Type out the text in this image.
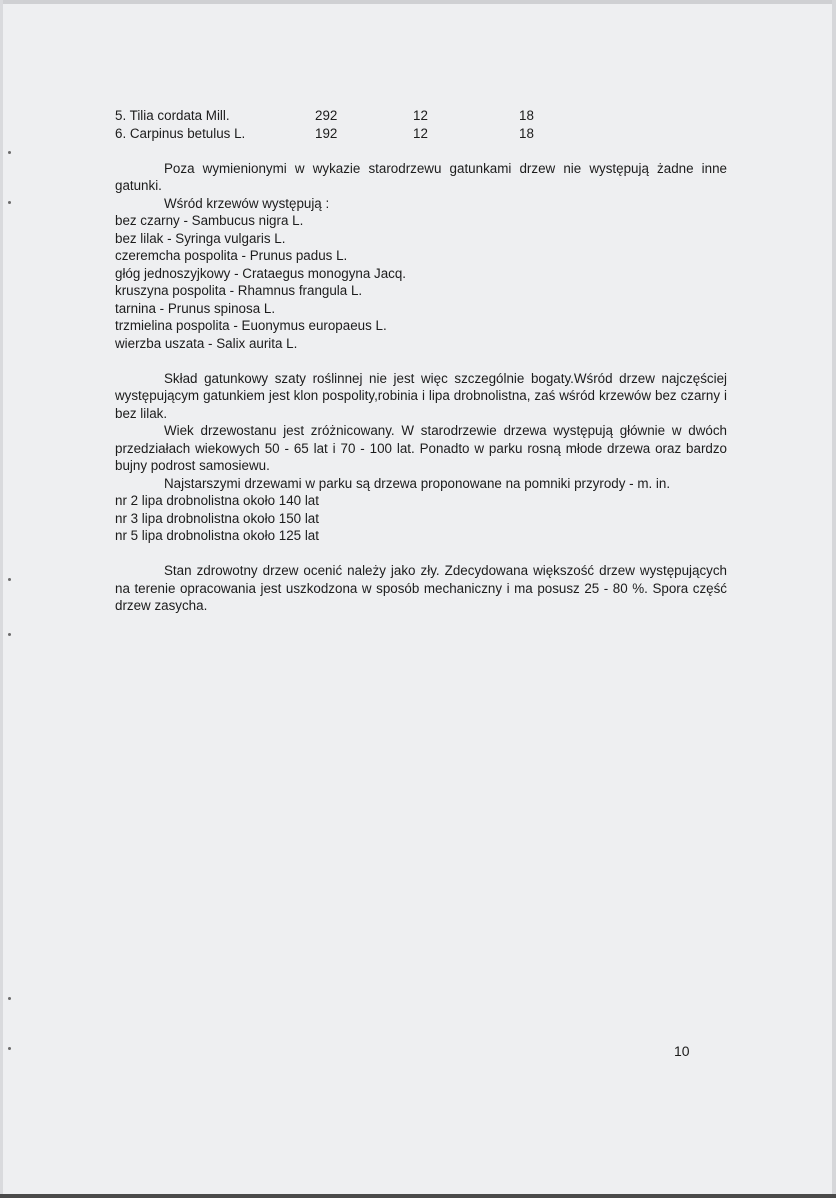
5. Tilia cordata Mill.	292	12	18
6. Carpinus betulus L.	192	12	18

Poza wymienionymi w wykazie starodrzewu gatunkami drzew nie występują żadne inne gatunki.

Wśród krzewów występują :

bez czarny - Sambucus nigra L.

bez lilak - Syringa vulgaris L.

czeremcha pospolita - Prunus padus L.

głóg jednoszyjkowy - Crataegus monogyna Jacq.

kruszyna pospolita - Rhamnus frangula L.

tarnina - Prunus spinosa L.

trzmielina pospolita - Euonymus europaeus L.

wierzba uszata - Salix aurita L.

Skład gatunkowy szaty roślinnej nie jest więc szczególnie bogaty.Wśród drzew najczęściej występującym gatunkiem jest klon pospolity,robinia i lipa drobnolistna, zaś wśród krzewów bez czarny i bez lilak.

Wiek drzewostanu jest zróżnicowany. W starodrzewie drzewa występują głównie w dwóch przedziałach wiekowych 50 - 65 lat i 70 - 100 lat. Ponadto w parku rosną młode drzewa oraz bardzo bujny podrost samosiewu.

Najstarszymi drzewami w parku są drzewa proponowane na pomniki przyrody - m. in.

nr 2 lipa drobnolistna około 140 lat

nr 3 lipa drobnolistna około 150 lat

nr 5 lipa drobnolistna około 125 lat

Stan zdrowotny drzew ocenić należy jako zły. Zdecydowana większość drzew występujących na terenie opracowania jest uszkodzona w sposób mechaniczny i ma posusz 25 - 80 %. Spora część drzew zasycha.

10
